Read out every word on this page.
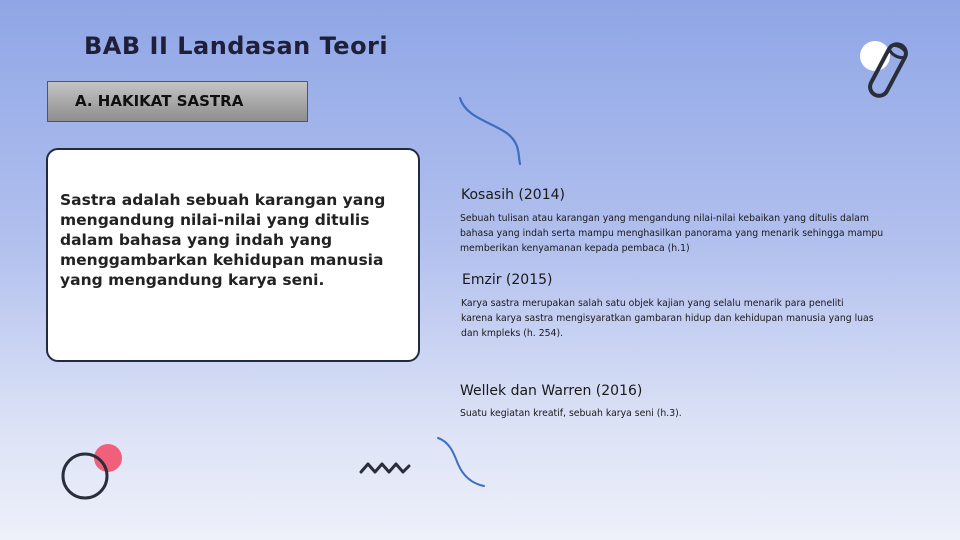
BAB II Landasan Teori
A. HAKIKAT SASTRA

Sastra adalah sebuah karangan yang mengandung nilai-nilai yang ditulis dalam bahasa yang indah yang menggambarkan kehidupan manusia yang mengandung karya seni.

Kosasih (2014)
Sebuah tulisan atau karangan yang mengandung nilai-nilai kebaikan yang ditulis dalam bahasa yang indah serta mampu menghasilkan panorama yang menarik sehingga mampu memberikan kenyamanan kepada pembaca (h.1)
Emzir (2015)
Karya sastra merupakan salah satu objek kajian yang selalu menarik para peneliti karena karya sastra mengisyaratkan gambaran hidup dan kehidupan manusia yang luas dan kmpleks (h. 254).
Wellek dan Warren (2016)
Suatu kegiatan kreatif, sebuah karya seni (h.3).
